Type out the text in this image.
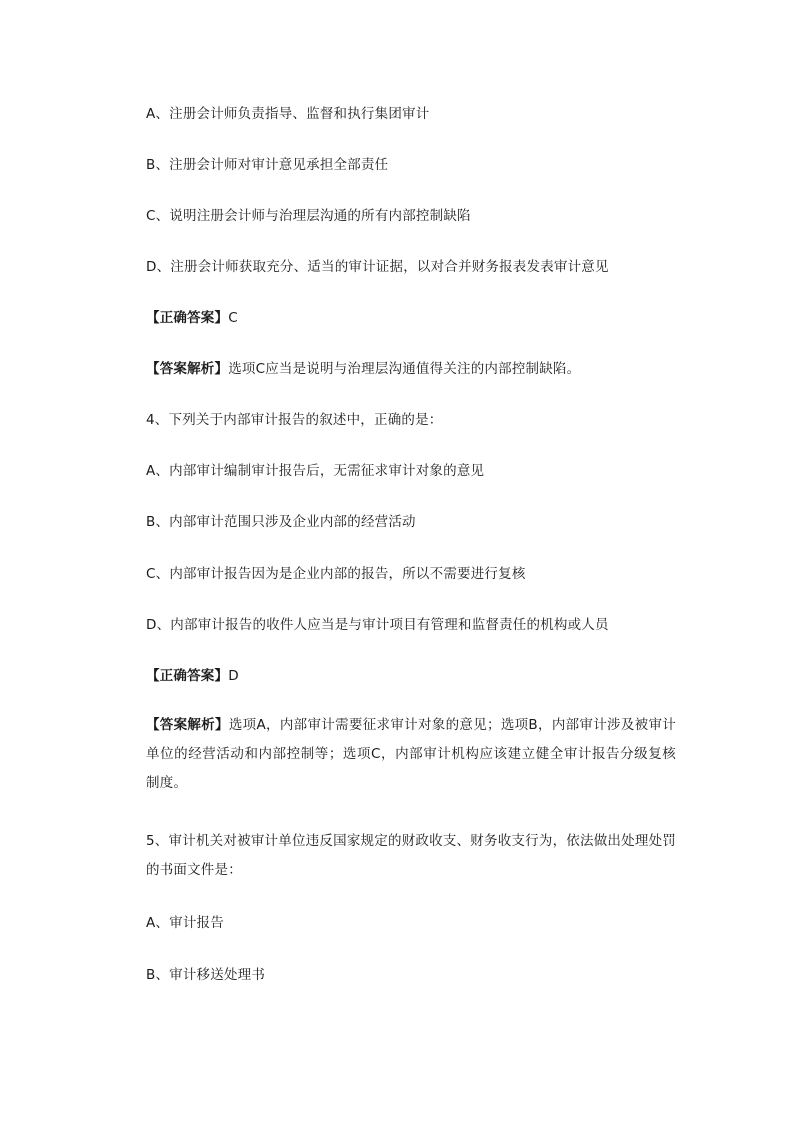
A、注册会计师负责指导、监督和执行集团审计
B、注册会计师对审计意见承担全部责任
C、说明注册会计师与治理层沟通的所有内部控制缺陷
D、注册会计师获取充分、适当的审计证据，以对合并财务报表发表审计意见
【正确答案】C
【答案解析】选项C应当是说明与治理层沟通值得关注的内部控制缺陷。
4、下列关于内部审计报告的叙述中，正确的是：
A、内部审计编制审计报告后，无需征求审计对象的意见
B、内部审计范围只涉及企业内部的经营活动
C、内部审计报告因为是企业内部的报告，所以不需要进行复核
D、内部审计报告的收件人应当是与审计项目有管理和监督责任的机构或人员
【正确答案】D
【答案解析】选项A，内部审计需要征求审计对象的意见；选项B，内部审计涉及被审计单位的经营活动和内部控制等；选项C，内部审计机构应该建立健全审计报告分级复核制度。
5、审计机关对被审计单位违反国家规定的财政收支、财务收支行为，依法做出处理处罚的书面文件是：
A、审计报告
B、审计移送处理书
